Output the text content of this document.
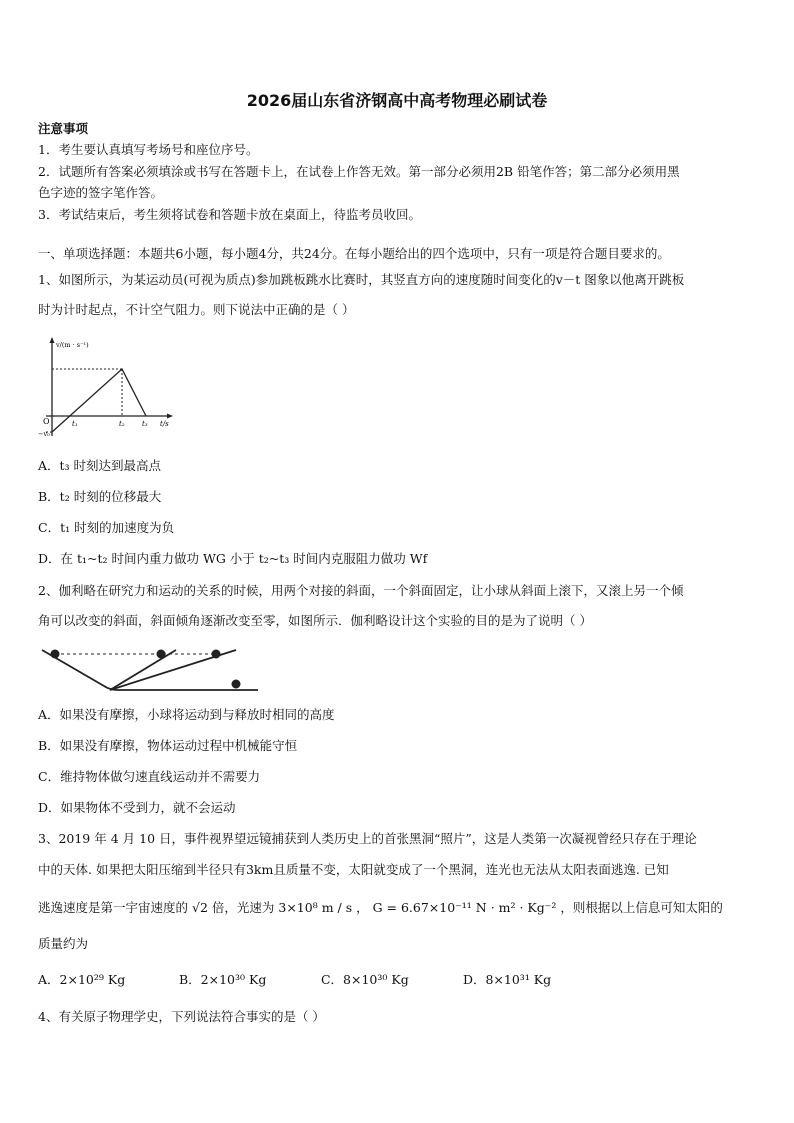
2026届山东省济钢高中高考物理必刷试卷
注意事项
1．考生要认真填写考场号和座位序号。
2．试题所有答案必须填涂或书写在答题卡上，在试卷上作答无效。第一部分必须用2B 铅笔作答；第二部分必须用黑
色字迹的签字笔作答。
3．考试结束后，考生须将试卷和答题卡放在桌面上，待监考员收回。
一、单项选择题：本题共6小题，每小题4分，共24分。在每小题给出的四个选项中，只有一项是符合题目要求的。
1、如图所示，为某运动员(可视为质点)参加跳板跳水比赛时，其竖直方向的速度随时间变化的v－t 图象以他离开跳板
时为计时起点，不计空气阻力。则下说法中正确的是（ ）
v/(m · s⁻¹)
O
−v₀
t₁	t₂ t₃ t/s
A．t₃ 时刻达到最高点
B．t₂ 时刻的位移最大
C．t₁ 时刻的加速度为负
D．在 t₁~t₂ 时间内重力做功 WG 小于 t₂~t₃ 时间内克服阻力做功 Wf
2、伽利略在研究力和运动的关系的时候，用两个对接的斜面，一个斜面固定，让小球从斜面上滚下，又滚上另一个倾
角可以改变的斜面，斜面倾角逐渐改变至零，如图所示．伽利略设计这个实验的目的是为了说明（ ）
A．如果没有摩擦，小球将运动到与释放时相同的高度
B．如果没有摩擦，物体运动过程中机械能守恒
C．维持物体做匀速直线运动并不需要力
D．如果物体不受到力，就不会运动
3、2019 年 4 月 10 日，事件视界望远镜捕获到人类历史上的首张黑洞“照片”，这是人类第一次凝视曾经只存在于理论
中的天体. 如果把太阳压缩到半径只有3km且质量不变，太阳就变成了一个黑洞，连光也无法从太阳表面逃逸. 已知
逃逸速度是第一宇宙速度的 √2 倍，光速为 3×10⁸ m / s ， G = 6.67×10⁻¹¹ N · m² · Kg⁻² ，则根据以上信息可知太阳的
质量约为
A．2×10²⁹ Kg	B．2×10³⁰ Kg	C．8×10³⁰ Kg	D．8×10³¹ Kg
4、有关原子物理学史，下列说法符合事实的是（ ）
